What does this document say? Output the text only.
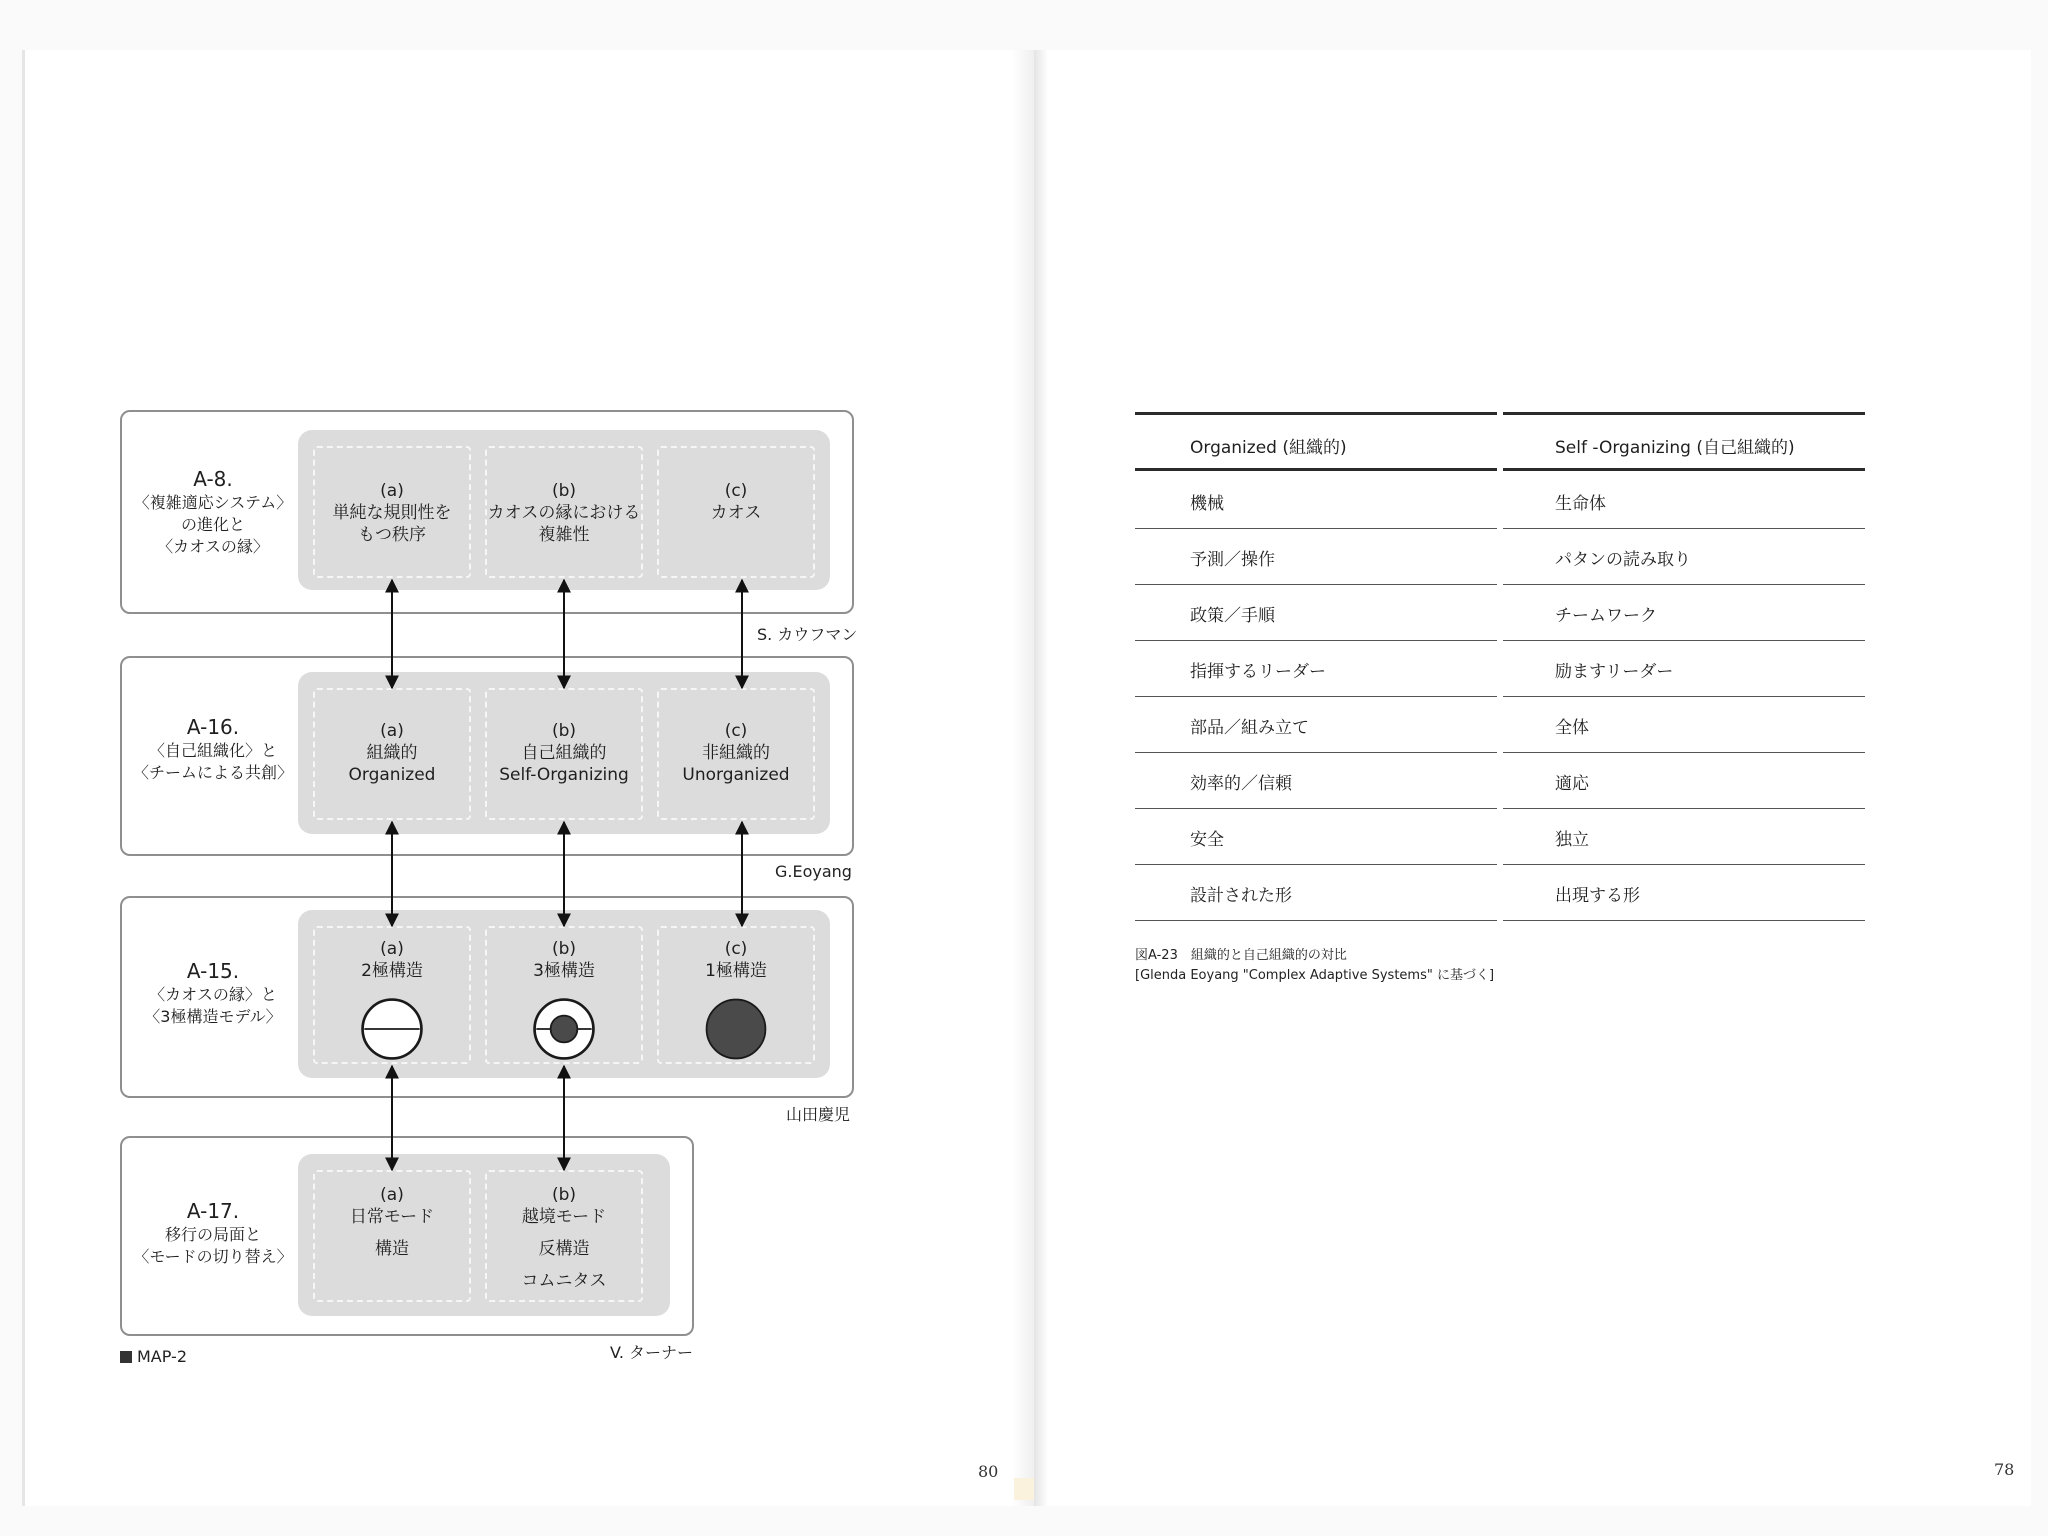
A-8.
〈複雑適応システム〉
の進化と
〈カオスの縁〉
(a)
単純な規則性を
もつ秩序
(b)
カオスの縁における
複雑性
(c)
カオス
S. カウフマン
A-16.
〈自己組織化〉と
〈チームによる共創〉
(a)
組織的
Organized
(b)
自己組織的
Self-Organizing
(c)
非組織的
Unorganized
G.Eoyang
A-15.
〈カオスの縁〉と
〈3極構造モデル〉
(a)
2極構造
(b)
3極構造
(c)
1極構造
山田慶児
A-17.
移行の局面と
〈モードの切り替え〉
(a)
日常モード
構造
(b)
越境モード
反構造
コムニタス
V. ターナー
MAP-2
80
Organized (組織的)	Self -Organizing (自己組織的)
機械	生命体
予測／操作	パタンの読み取り
政策／手順	チームワーク
指揮するリーダー	励ますリーダー
部品／組み立て	全体
効率的／信頼	適応
安全	独立
設計された形	出現する形
図A-23　組織的と自己組織的の対比
[Glenda Eoyang "Complex Adaptive Systems" に基づく]
78
